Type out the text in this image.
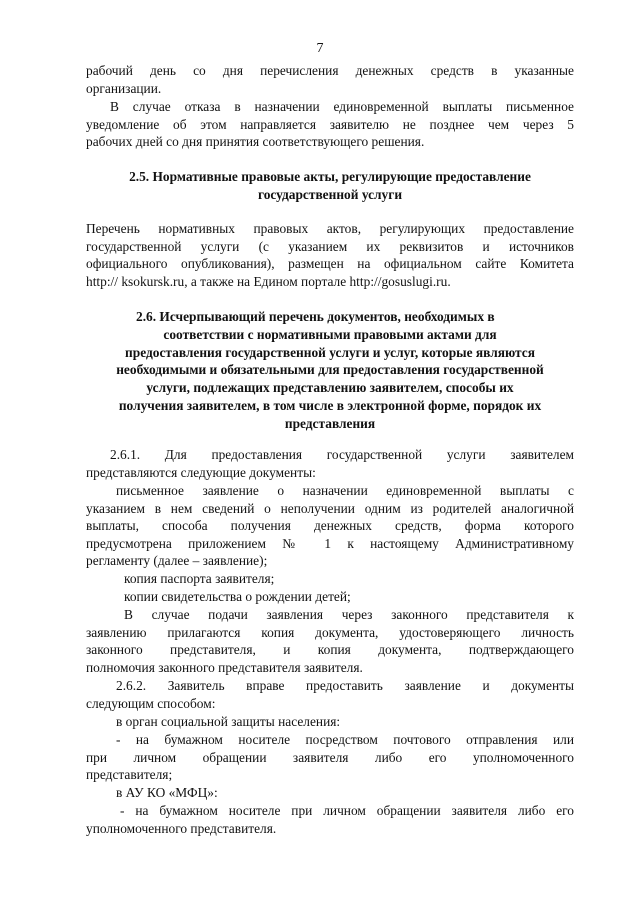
7
рабочий день со дня перечисления денежных средств в указанные
организации.
В случае отказа в назначении единовременной выплаты письменное
уведомление об этом направляется заявителю не позднее чем через 5
рабочих дней со дня принятия соответствующего решения.
2.5. Нормативные правовые акты, регулирующие предоставление
государственной услуги
Перечень нормативных правовых актов, регулирующих предоставление
государственной услуги (с указанием их реквизитов и источников
официального опубликования), размещен на официальном сайте Комитета
http:// ksokursk.ru, а также на Едином портале http://gosuslugi.ru.
2.6. Исчерпывающий перечень документов, необходимых в
соответствии с нормативными правовыми актами для
предоставления государственной услуги и услуг, которые являются
необходимыми и обязательными для предоставления государственной
услуги, подлежащих представлению заявителем, способы их
получения заявителем, в том числе в электронной форме, порядок их
представления
2.6.1. Для предоставления государственной услуги заявителем
представляются следующие документы:
письменное заявление о назначении единовременной выплаты с
указанием в нем сведений о неполучении одним из родителей аналогичной
выплаты, способа получения денежных средств, форма которого
предусмотрена приложением № 1 к настоящему Административному
регламенту (далее – заявление);
копия паспорта заявителя;
копии свидетельства о рождении детей;
В случае подачи заявления через законного представителя к
заявлению прилагаются копия документа, удостоверяющего личность
законного представителя, и копия документа, подтверждающего
полномочия законного представителя заявителя.
2.6.2. Заявитель вправе предоставить заявление и документы
следующим способом:
в орган социальной защиты населения:
- на бумажном носителе посредством почтового отправления или
при личном обращении заявителя либо его уполномоченного
представителя;
в АУ КО «МФЦ»:
- на бумажном носителе при личном обращении заявителя либо его
уполномоченного представителя.
